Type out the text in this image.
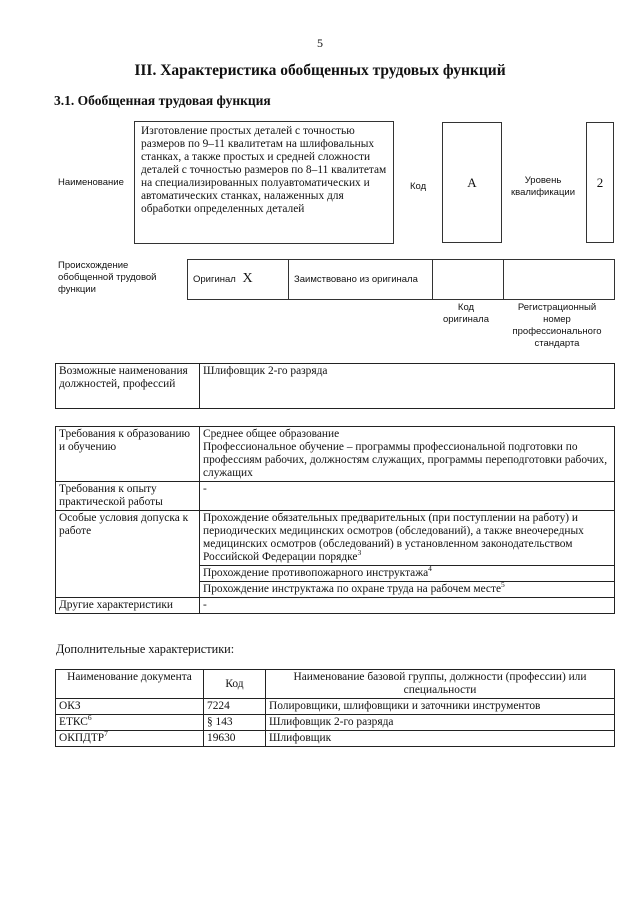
5
III. Характеристика обобщенных трудовых функций
3.1. Обобщенная трудовая функция
Наименование
Изготовление простых деталей с точностью размеров по 9–11 квалитетам на шлифовальных станках, а также простых и средней сложности деталей с точностью размеров по 8–11 квалитетам на специализированных полуавтоматических и автоматических станках, налаженных для обработки определенных деталей
Код	A	Уровень квалификации
2
Происхождение обобщенной трудовой функции
Оригинал X	Заимствовано из оригинала		
Код оригинала
Регистрационный номер профессионального стандарта
Возможные наименования должностей, профессий	Шлифовщик 2-го разряда
Требования к образованию и обучению	Среднее общее образование
Профессиональное обучение – программы профессиональной подготовки по профессиям рабочих, должностям служащих, программы переподготовки рабочих, служащих

Требования к опыту практической работы	-
Особые условия допуска к работе	Прохождение обязательных предварительных (при поступлении на работу) и периодических медицинских осмотров (обследований), а также внеочередных медицинских осмотров (обследований) в установленном законодательством Российской Федерации порядке$^3$
Прохождение противопожарного инструктажа$^4$
Прохождение инструктажа по охране труда на рабочем месте$^5$

Другие характеристики	-
Дополнительные характеристики:
Наименование документа	Код	Наименование базовой группы, должности (профессии) или специальности
ОКЗ	7224	Полировщики, шлифовщики и заточники инструментов
ЕТКС$^6$	§ 143	Шлифовщик 2-го разряда
ОКПДТР$^7$	19630	Шлифовщик
